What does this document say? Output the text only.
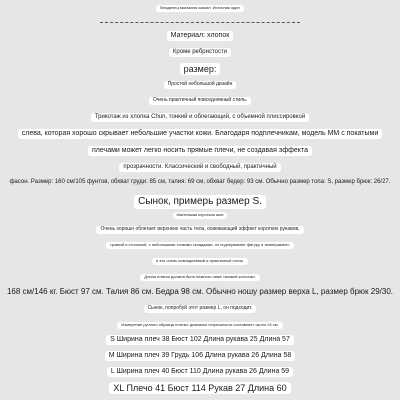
Владелец магазина сказал: Источник один
Материал: хлопок
Кроме ребристости
размер:
Простой небольшой дизайн
Очень практичный повседневный стиль.
Трикотаж из хлопка Chun, тонкий и облегающий, с объемной плиссировкой
слева, которая хорошо скрывает небольшие участки кожи. Благодаря подплечникам, модель ММ с покатыми
плечами может легко носить прямые плечи, не создавая эффекта
прозрачности. Классический и свободный, практичный
фасон. Размер: 160 см/105 фунтов, обхват груди: 85 см, талия: 69 см, обхват бедер: 93 см. Обычно размер топа: S, размер брюк: 26/27.
Сынок, примерь размер S.
Маленькая короткая шея
Очень хорошо облегает верхнюю часть тела, освежающий эффект коротких рукавов,
прямой и стильный, с небольшими тонкими складками, он подчеркивает фигуру и темперамент,
и это очень повседневный и практичный стиль.
Длина платья должна быть немного ниже тазовой косточки.
168 см/146 кг. Бюст 97 см. Талия 86 см. Бедра 98 см. Обычно ношу размер верха L, размер брюк 29/30.
Сынок, попробуй этот размер L, он подходит.
Измерение ручного образца плитки: диапазон погрешности составляет около ±3 см.
S Ширина плеч 38 Бюст 102 Длина рукава 25 Длина 57
M Ширина плеч 39 Грудь 106 Длина рукава 26 Длина 58
L Ширина плеч 40 Бюст 110 Длина рукава 26 Длина 59
XL Плечо 41 Бюст 114 Рукав 27 Длина 60
